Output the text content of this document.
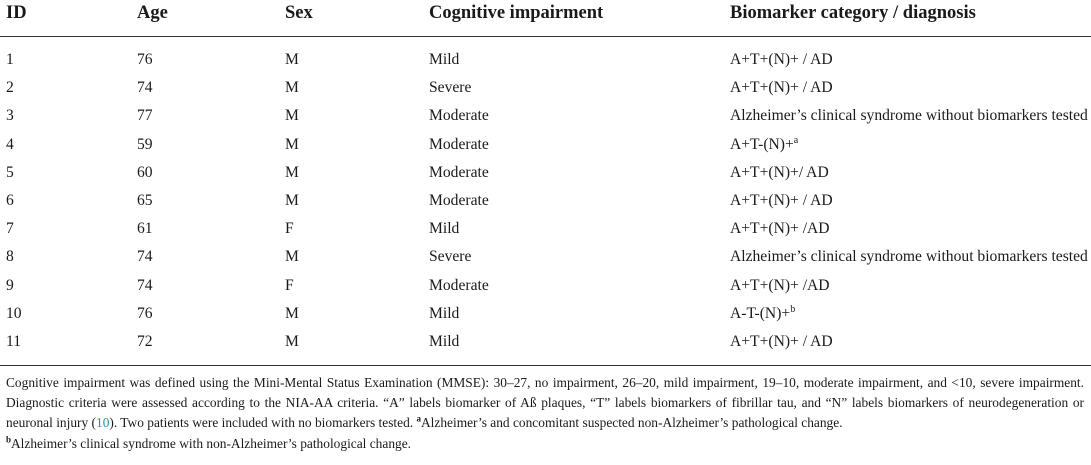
ID	Age	Sex	Cognitive impairment	Biomarker category / diagnosis
1	76	M	Mild	A+T+(N)+ / AD
2	74	M	Severe	A+T+(N)+ / AD
3	77	M	Moderate	Alzheimer’s clinical syndrome without biomarkers tested
4	59	M	Moderate	A+T-(N)+$^a$
5	60	M	Moderate	A+T+(N)+/ AD
6	65	M	Moderate	A+T+(N)+ / AD
7	61	F	Mild	A+T+(N)+ /AD
8	74	M	Severe	Alzheimer’s clinical syndrome without biomarkers tested
9	74	F	Moderate	A+T+(N)+ /AD
10	76	M	Mild	A-T-(N)+$^b$
11	72	M	Mild	A+T+(N)+ / AD
Cognitive impairment was defined using the Mini-Mental Status Examination (MMSE): 30–27, no impairment, 26–20, mild impairment, 19–10, moderate impairment, and <10, severe impairment. Diagnostic criteria were assessed according to the NIA-AA criteria. “A” labels biomarker of Aß plaques, “T” labels biomarkers of fibrillar tau, and “N” labels biomarkers of neurodegeneration or neuronal injury (10). Two patients were included with no biomarkers tested. $^a$Alzheimer’s and concomitant suspected non-Alzheimer’s pathological change.
$^b$Alzheimer’s clinical syndrome with non-Alzheimer’s pathological change.
